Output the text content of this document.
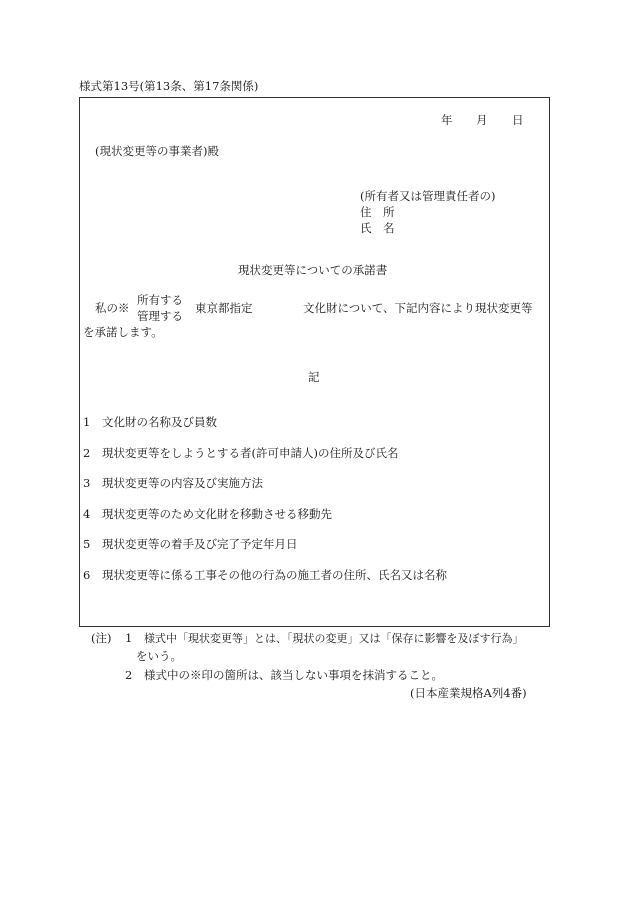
様式第13号(第13条、第17条関係)
年 月 日
(現状変更等の事業者)殿
(所有者又は管理責任者の)
住　所
氏　名
現状変更等についての承諾書
私の※
所有する
管理する
東京都指定	文化財について、下記内容により現状変更等
を承諾します。
記
1 文化財の名称及び員数
2 現状変更等をしようとする者(許可申請人)の住所及び氏名
3 現状変更等の内容及び実施方法
4 現状変更等のため文化財を移動させる移動先
5 現状変更等の着手及び完了予定年月日
6 現状変更等に係る工事その他の行為の施工者の住所、氏名又は名称
(注) 1 様式中「現状変更等」とは、「現状の変更」又は「保存に影響を及ぼす行為」
をいう。
2 様式中の※印の箇所は、該当しない事項を抹消すること。
(日本産業規格A列4番)
